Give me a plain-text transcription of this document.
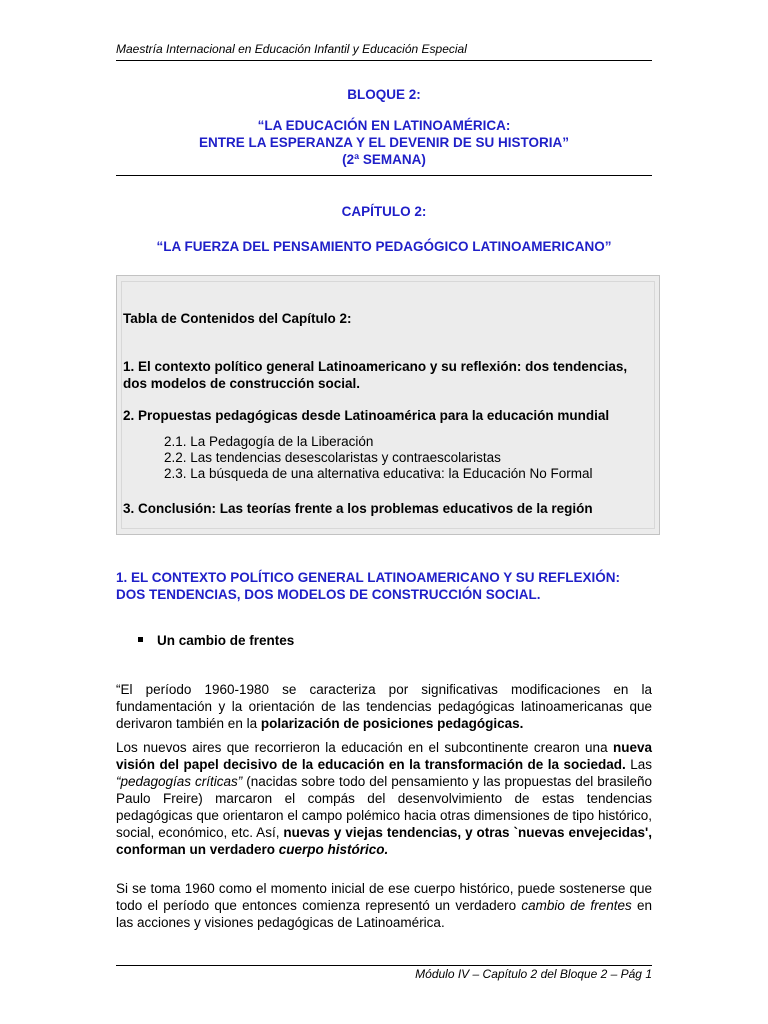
Maestría Internacional en Educación Infantil y Educación Especial
BLOQUE 2:
“LA EDUCACIÓN EN LATINOAMÉRICA:
ENTRE LA ESPERANZA Y EL DEVENIR DE SU HISTORIA”
(2ª SEMANA)
CAPÍTULO 2:
“LA FUERZA DEL PENSAMIENTO PEDAGÓGICO LATINOAMERICANO”
Tabla de Contenidos del Capítulo 2:
1. El contexto político general Latinoamericano y su reflexión: dos tendencias,
dos modelos de construcción social.
2. Propuestas pedagógicas desde Latinoamérica para la educación mundial
2.1. La Pedagogía de la Liberación
2.2. Las tendencias desescolaristas y contraescolaristas
2.3. La búsqueda de una alternativa educativa: la Educación No Formal
3. Conclusión: Las teorías frente a los problemas educativos de la región
1. EL CONTEXTO POLÍTICO GENERAL LATINOAMERICANO Y SU REFLEXIÓN:
DOS TENDENCIAS, DOS MODELOS DE CONSTRUCCIÓN SOCIAL.
Un cambio de frentes
“El período 1960-1980 se caracteriza por significativas modificaciones en la fundamentación y la orientación de las tendencias pedagógicas latinoamericanas que derivaron también en la polarización de posiciones pedagógicas.
Los nuevos aires que recorrieron la educación en el subcontinente crearon una nueva visión del papel decisivo de la educación en la transformación de la sociedad. Las “pedagogías críticas” (nacidas sobre todo del pensamiento y las propuestas del brasileño Paulo Freire) marcaron el compás del desenvolvimiento de estas tendencias pedagógicas que orientaron el campo polémico hacia otras dimensiones de tipo histórico, social, económico, etc. Así, nuevas y viejas tendencias, y otras `nuevas envejecidas', conforman un verdadero cuerpo histórico.
Si se toma 1960 como el momento inicial de ese cuerpo histórico, puede sostenerse que todo el período que entonces comienza representó un verdadero cambio de frentes en las acciones y visiones pedagógicas de Latinoamérica.
Módulo IV – Capítulo 2 del Bloque 2 – Pág 1
